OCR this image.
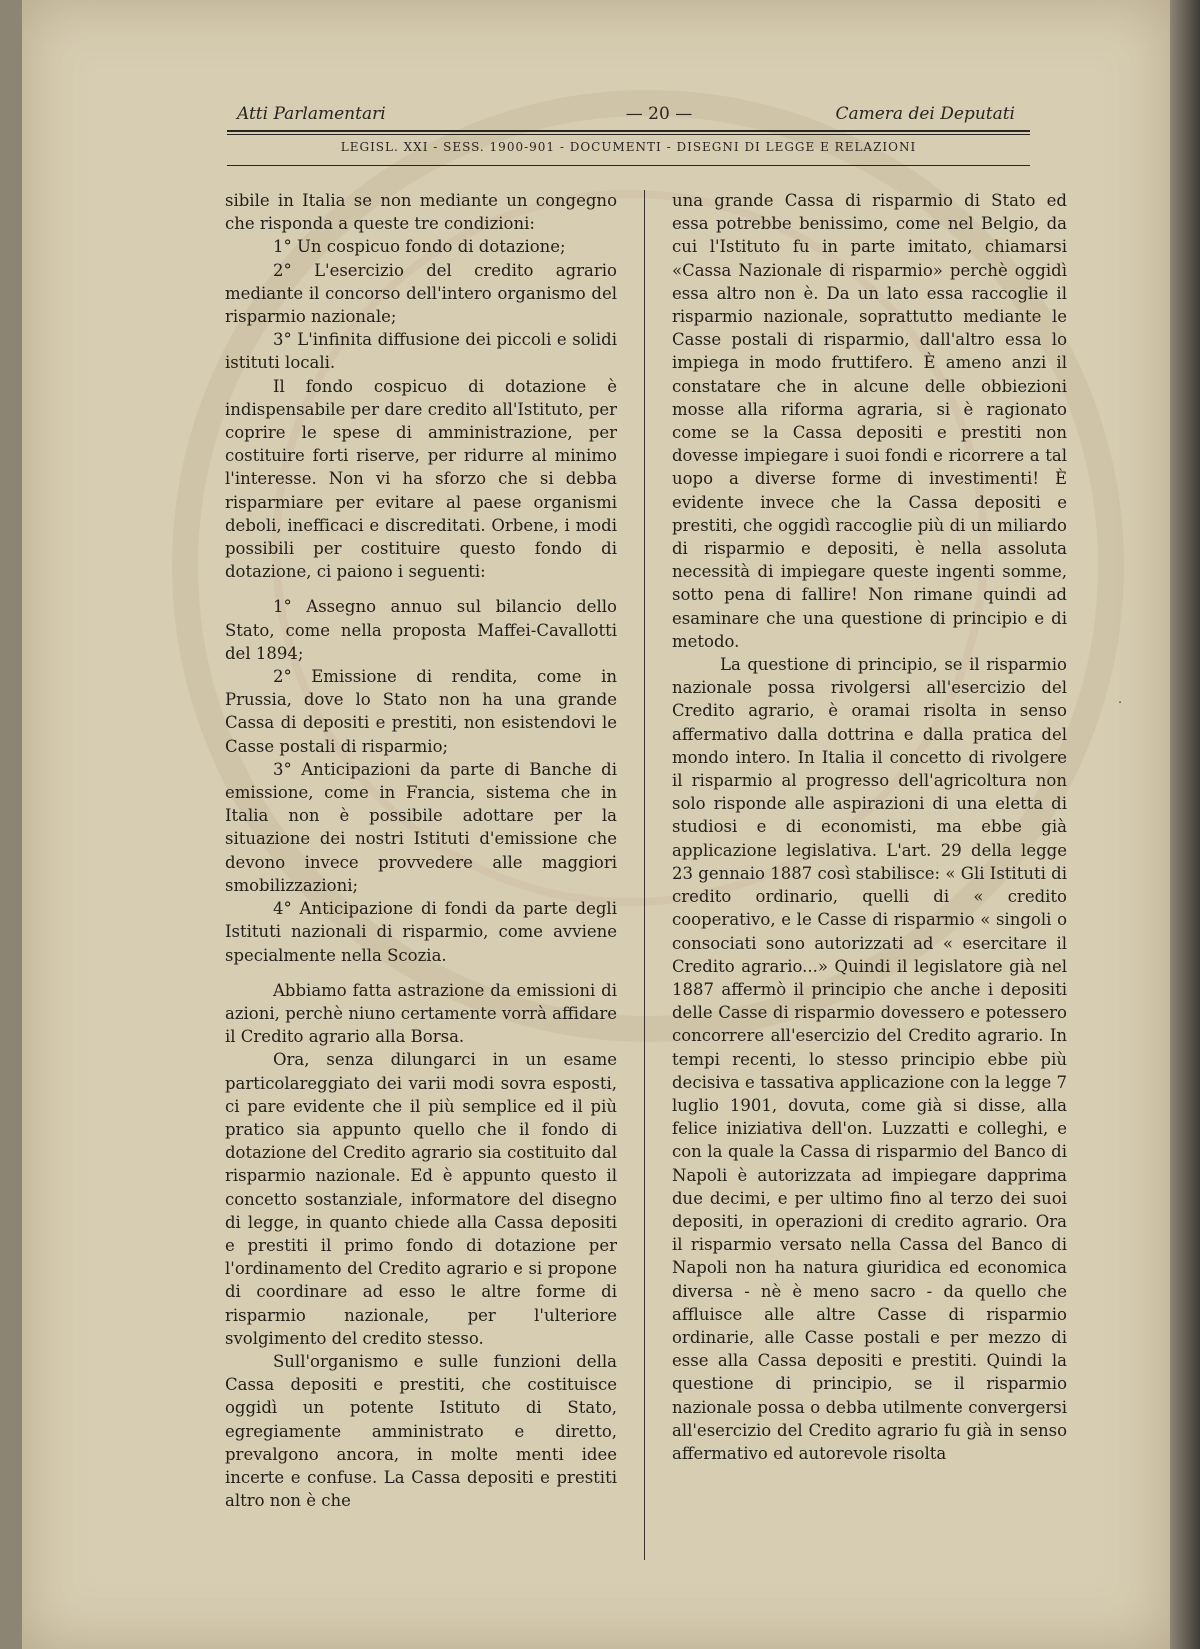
Atti Parlamentari	— 20 —	Camera dei Deputati
LEGISL. XXI - SESS. 1900-901 - DOCUMENTI - DISEGNI DI LEGGE E RELAZIONI

sibile in Italia se non mediante un congegno che risponda a queste tre condizioni:

1° Un cospicuo fondo di dotazione;

2° L'esercizio del credito agrario mediante il concorso dell'intero organismo del risparmio nazionale;

3° L'infinita diffusione dei piccoli e solidi istituti locali.

Il fondo cospicuo di dotazione è indispensabile per dare credito all'Istituto, per coprire le spese di amministrazione, per costituire forti riserve, per ridurre al minimo l'interesse. Non vi ha sforzo che si debba risparmiare per evitare al paese organismi deboli, inefficaci e discreditati. Orbene, i modi possibili per costituire questo fondo di dotazione, ci paiono i seguenti:

1° Assegno annuo sul bilancio dello Stato, come nella proposta Maffei-Cavallotti del 1894;

2° Emissione di rendita, come in Prussia, dove lo Stato non ha una grande Cassa di depositi e prestiti, non esistendovi le Casse postali di risparmio;

3° Anticipazioni da parte di Banche di emissione, come in Francia, sistema che in Italia non è possibile adottare per la situazione dei nostri Istituti d'emissione che devono invece provvedere alle maggiori smobilizzazioni;

4° Anticipazione di fondi da parte degli Istituti nazionali di risparmio, come avviene specialmente nella Scozia.

Abbiamo fatta astrazione da emissioni di azioni, perchè niuno certamente vorrà affidare il Credito agrario alla Borsa.

Ora, senza dilungarci in un esame particolareggiato dei varii modi sovra esposti, ci pare evidente che il più semplice ed il più pratico sia appunto quello che il fondo di dotazione del Credito agrario sia costituito dal risparmio nazionale. Ed è appunto questo il concetto sostanziale, informatore del disegno di legge, in quanto chiede alla Cassa depositi e prestiti il primo fondo di dotazione per l'ordinamento del Credito agrario e si propone di coordinare ad esso le altre forme di risparmio nazionale, per l'ulteriore svolgimento del credito stesso.

Sull'organismo e sulle funzioni della Cassa depositi e prestiti, che costituisce oggidì un potente Istituto di Stato, egregiamente amministrato e diretto, prevalgono ancora, in molte menti idee incerte e confuse. La Cassa depositi e prestiti altro non è che

una grande Cassa di risparmio di Stato ed essa potrebbe benissimo, come nel Belgio, da cui l'Istituto fu in parte imitato, chiamarsi «Cassa Nazionale di risparmio» perchè oggidì essa altro non è. Da un lato essa raccoglie il risparmio nazionale, soprattutto mediante le Casse postali di risparmio, dall'altro essa lo impiega in modo fruttifero. È ameno anzi il constatare che in alcune delle obbiezioni mosse alla riforma agraria, si è ragionato come se la Cassa depositi e prestiti non dovesse impiegare i suoi fondi e ricorrere a tal uopo a diverse forme di investimenti! È evidente invece che la Cassa depositi e prestiti, che oggidì raccoglie più di un miliardo di risparmio e depositi, è nella assoluta necessità di impiegare queste ingenti somme, sotto pena di fallire! Non rimane quindi ad esaminare che una questione di principio e di metodo.

La questione di principio, se il risparmio nazionale possa rivolgersi all'esercizio del Credito agrario, è oramai risolta in senso affermativo dalla dottrina e dalla pratica del mondo intero. In Italia il concetto di rivolgere il risparmio al progresso dell'agricoltura non solo risponde alle aspirazioni di una eletta di studiosi e di economisti, ma ebbe già applicazione legislativa. L'art. 29 della legge 23 gennaio 1887 così stabilisce: « Gli Istituti di credito ordinario, quelli di « credito cooperativo, e le Casse di risparmio « singoli o consociati sono autorizzati ad « esercitare il Credito agrario...» Quindi il legislatore già nel 1887 affermò il principio che anche i depositi delle Casse di risparmio dovessero e potessero concorrere all'esercizio del Credito agrario. In tempi recenti, lo stesso principio ebbe più decisiva e tassativa applicazione con la legge 7 luglio 1901, dovuta, come già si disse, alla felice iniziativa dell'on. Luzzatti e colleghi, e con la quale la Cassa di risparmio del Banco di Napoli è autorizzata ad impiegare dapprima due decimi, e per ultimo fino al terzo dei suoi depositi, in operazioni di credito agrario. Ora il risparmio versato nella Cassa del Banco di Napoli non ha natura giuridica ed economica diversa - nè è meno sacro - da quello che affluisce alle altre Casse di risparmio ordinarie, alle Casse postali e per mezzo di esse alla Cassa depositi e prestiti. Quindi la questione di principio, se il risparmio nazionale possa o debba utilmente convergersi all'esercizio del Credito agrario fu già in senso affermativo ed autorevole risolta

.
